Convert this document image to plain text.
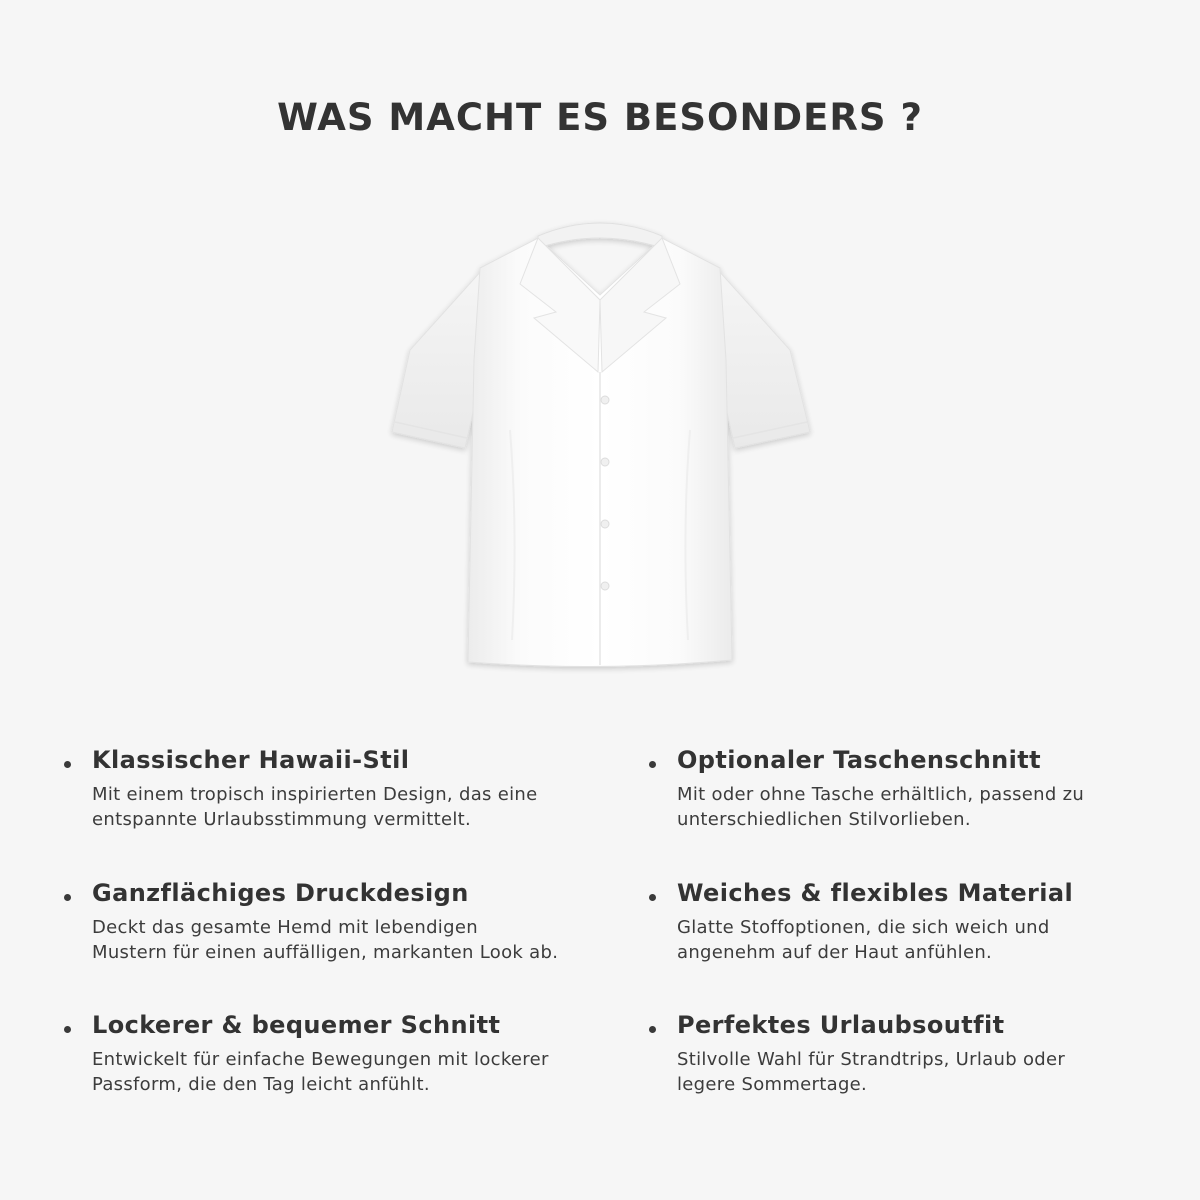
WAS MACHT ES BESONDERS ?
Klassischer Hawaii-Stil

Mit einem tropisch inspirierten Design, das eine
entspannte Urlaubsstimmung vermittelt.

Optionaler Taschenschnitt

Mit oder ohne Tasche erhältlich, passend zu
unterschiedlichen Stilvorlieben.

Ganzflächiges Druckdesign

Deckt das gesamte Hemd mit lebendigen
Mustern für einen auffälligen, markanten Look ab.

Weiches & flexibles Material

Glatte Stoffoptionen, die sich weich und
angenehm auf der Haut anfühlen.

Lockerer & bequemer Schnitt

Entwickelt für einfache Bewegungen mit lockerer
Passform, die den Tag leicht anfühlt.

Perfektes Urlaubsoutfit

Stilvolle Wahl für Strandtrips, Urlaub oder
legere Sommertage.
